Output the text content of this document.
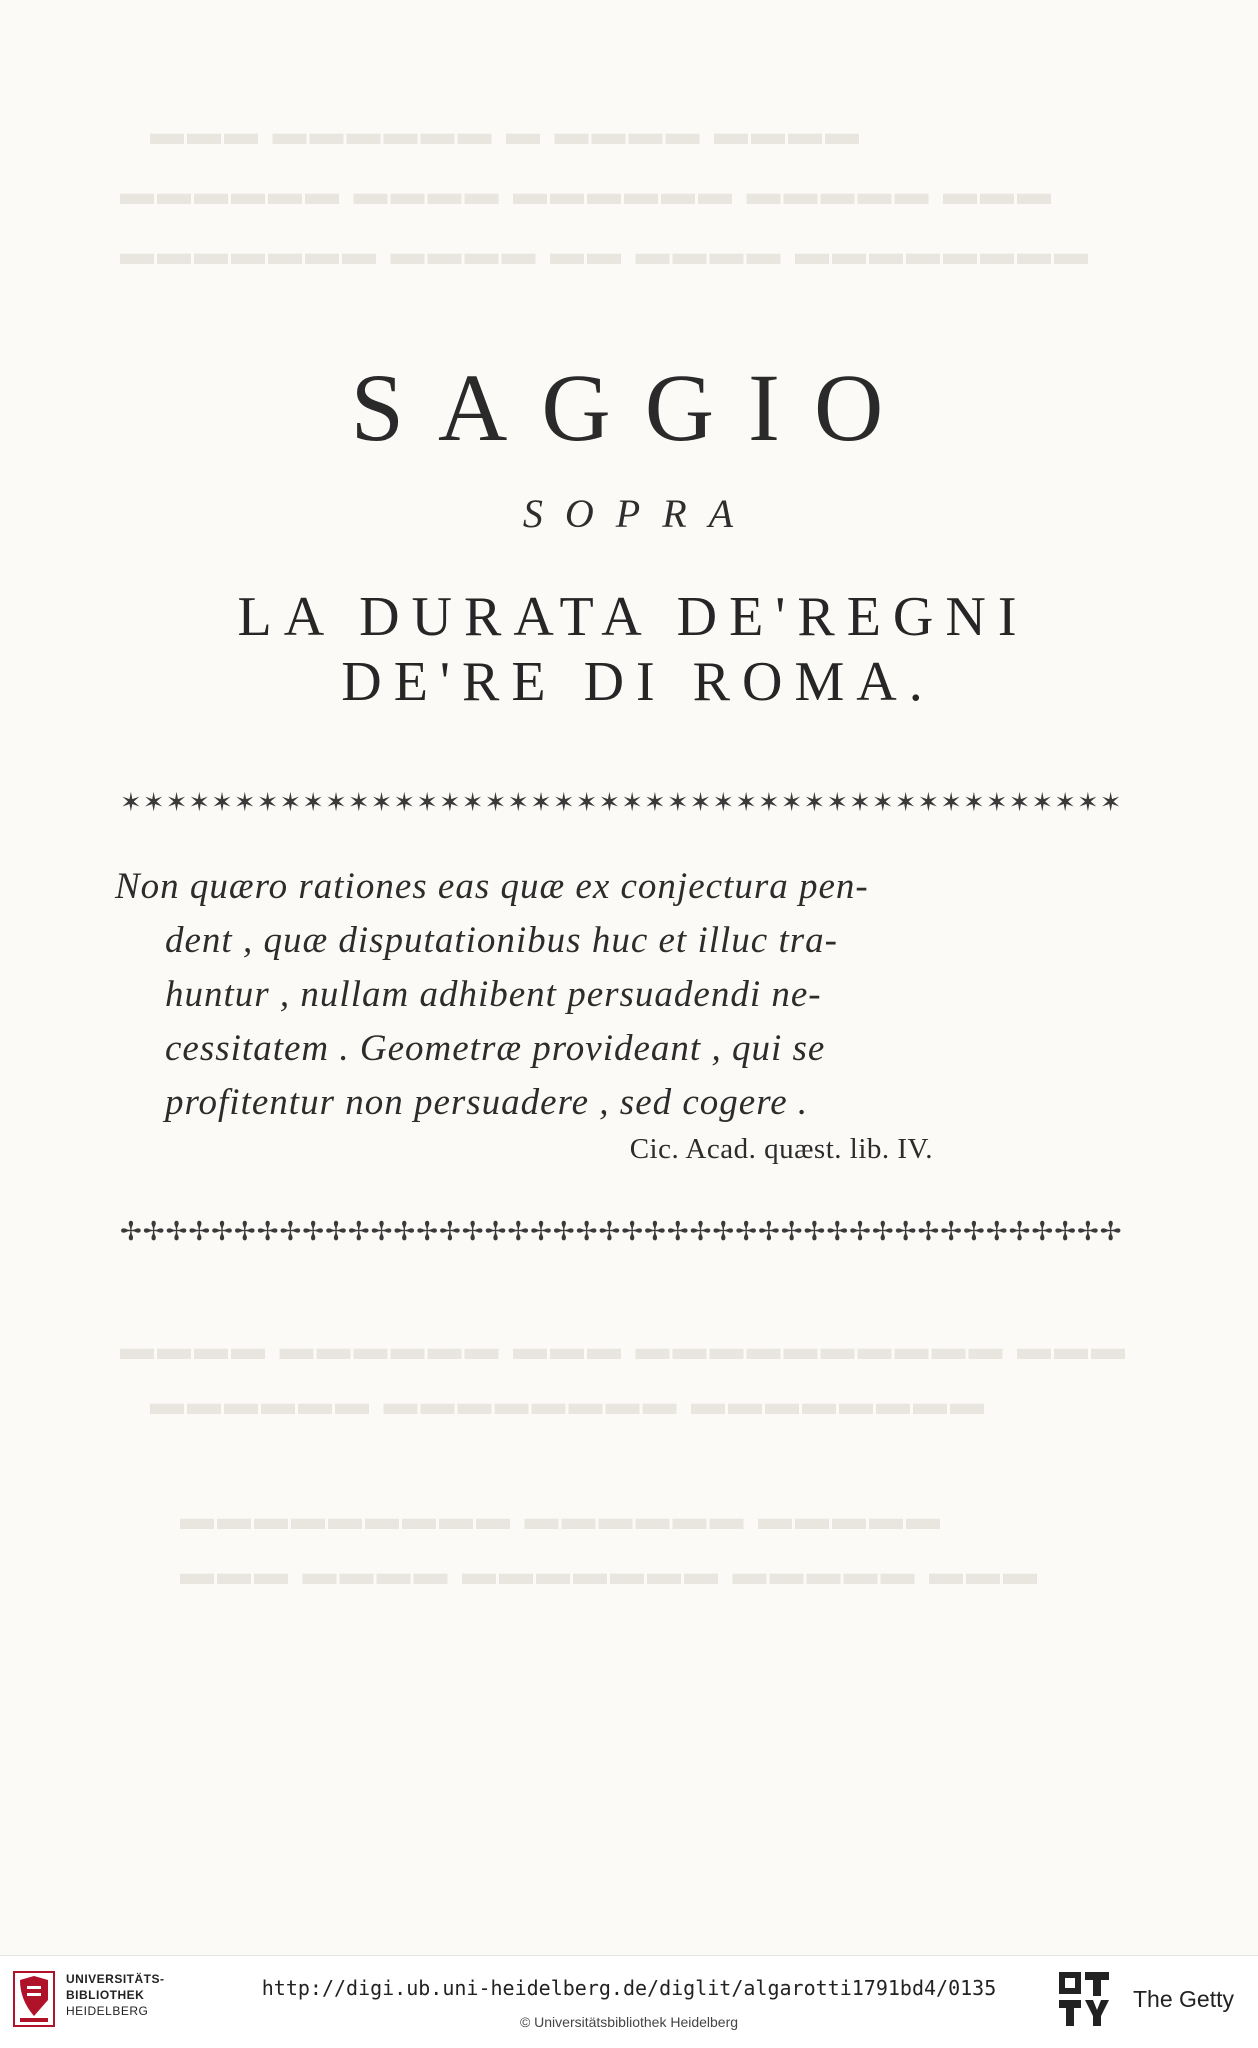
▬▬▬ ▬▬▬▬▬▬ ▬ ▬▬▬▬ ▬▬▬▬
▬▬▬▬▬▬ ▬▬▬▬ ▬▬▬▬▬▬ ▬▬▬▬▬ ▬▬▬
▬▬▬▬▬▬▬ ▬▬▬▬ ▬▬ ▬▬▬▬ ▬▬▬▬▬▬▬▬
▬▬▬▬ ▬▬▬▬▬▬ ▬▬▬ ▬▬▬▬▬▬▬▬▬▬ ▬▬▬
▬▬▬▬▬▬ ▬▬▬▬▬▬▬▬ ▬▬▬▬▬▬▬▬
▬▬▬▬▬▬▬▬▬ ▬▬▬▬▬▬ ▬▬▬▬▬
▬▬▬ ▬▬▬▬ ▬▬▬▬▬▬▬ ▬▬▬▬▬ ▬▬▬
SAGGIO
SOPRA
LA DURATA DE'REGNI
DE'RE DI ROMA.
✶✶✶✶✶✶✶✶✶✶✶✶✶✶✶✶✶✶✶✶✶✶✶✶✶✶✶✶✶✶✶✶✶✶✶✶✶✶✶✶✶✶✶✶
Non quæro rationes eas quæ ex conjectura pen-
dent , quæ disputationibus huc et illuc tra-
huntur , nullam adhibent persuadendi ne-
cessitatem . Geometræ provideant , qui se
profitentur non persuadere , sed cogere .
Cic. Acad. quæst. lib. IV.
✢✢✢✢✢✢✢✢✢✢✢✢✢✢✢✢✢✢✢✢✢✢✢✢✢✢✢✢✢✢✢✢✢✢✢✢✢✢✢✢✢✢✢✢
UNIVERSITÄTS-
BIBLIOTHEK
HEIDELBERG
http://digi.ub.uni-heidelberg.de/diglit/algarotti1791bd4/0135
© Universitätsbibliothek Heidelberg
The Getty
